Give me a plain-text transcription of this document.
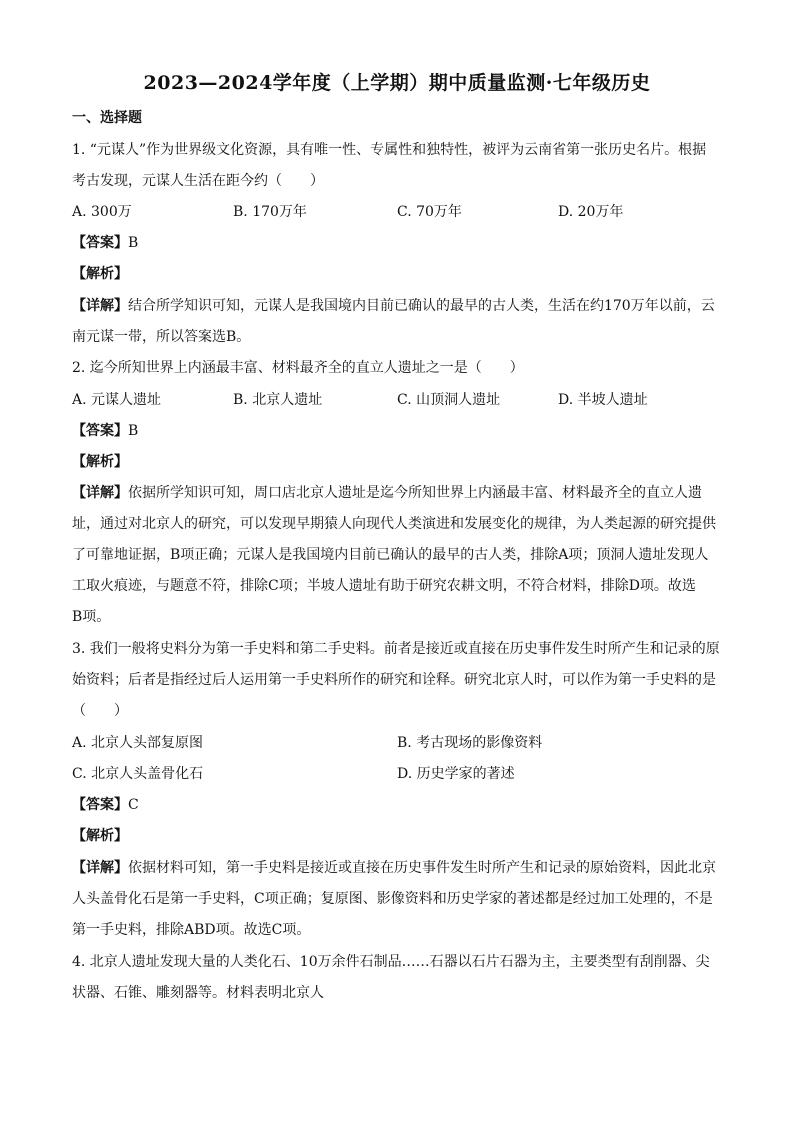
2023—2024学年度（上学期）期中质量监测·七年级历史
一、选择题
1. “元谋人”作为世界级文化资源，具有唯一性、专属性和独特性，被评为云南省第一张历史名片。根据
考古发现，元谋人生活在距今约（　　）
A. 300万	B. 170万年	C. 70万年	D. 20万年
【答案】B
【解析】
【详解】结合所学知识可知，元谋人是我国境内目前已确认的最早的古人类，生活在约170万年以前，云
南元谋一带，所以答案选B。
2. 迄今所知世界上内涵最丰富、材料最齐全的直立人遗址之一是（　　）
A. 元谋人遗址	B. 北京人遗址	C. 山顶洞人遗址	D. 半坡人遗址
【答案】B
【解析】
【详解】依据所学知识可知，周口店北京人遗址是迄今所知世界上内涵最丰富、材料最齐全的直立人遗
址，通过对北京人的研究，可以发现早期猿人向现代人类演进和发展变化的规律，为人类起源的研究提供
了可靠地证据，B项正确；元谋人是我国境内目前已确认的最早的古人类，排除A项；顶洞人遗址发现人
工取火痕迹，与题意不符，排除C项；半坡人遗址有助于研究农耕文明，不符合材料，排除D项。故选
B项。
3. 我们一般将史料分为第一手史料和第二手史料。前者是接近或直接在历史事件发生时所产生和记录的原
始资料；后者是指经过后人运用第一手史料所作的研究和诠释。研究北京人时，可以作为第一手史料的是
（　　）
A. 北京人头部复原图	B. 考古现场的影像资料
C. 北京人头盖骨化石	D. 历史学家的著述
【答案】C
【解析】
【详解】依据材料可知，第一手史料是接近或直接在历史事件发生时所产生和记录的原始资料，因此北京
人头盖骨化石是第一手史料，C项正确；复原图、影像资料和历史学家的著述都是经过加工处理的，不是
第一手史料，排除ABD项。故选C项。
4. 北京人遗址发现大量的人类化石、10万余件石制品……石器以石片石器为主，主要类型有刮削器、尖
状器、石锥、雕刻器等。材料表明北京人
